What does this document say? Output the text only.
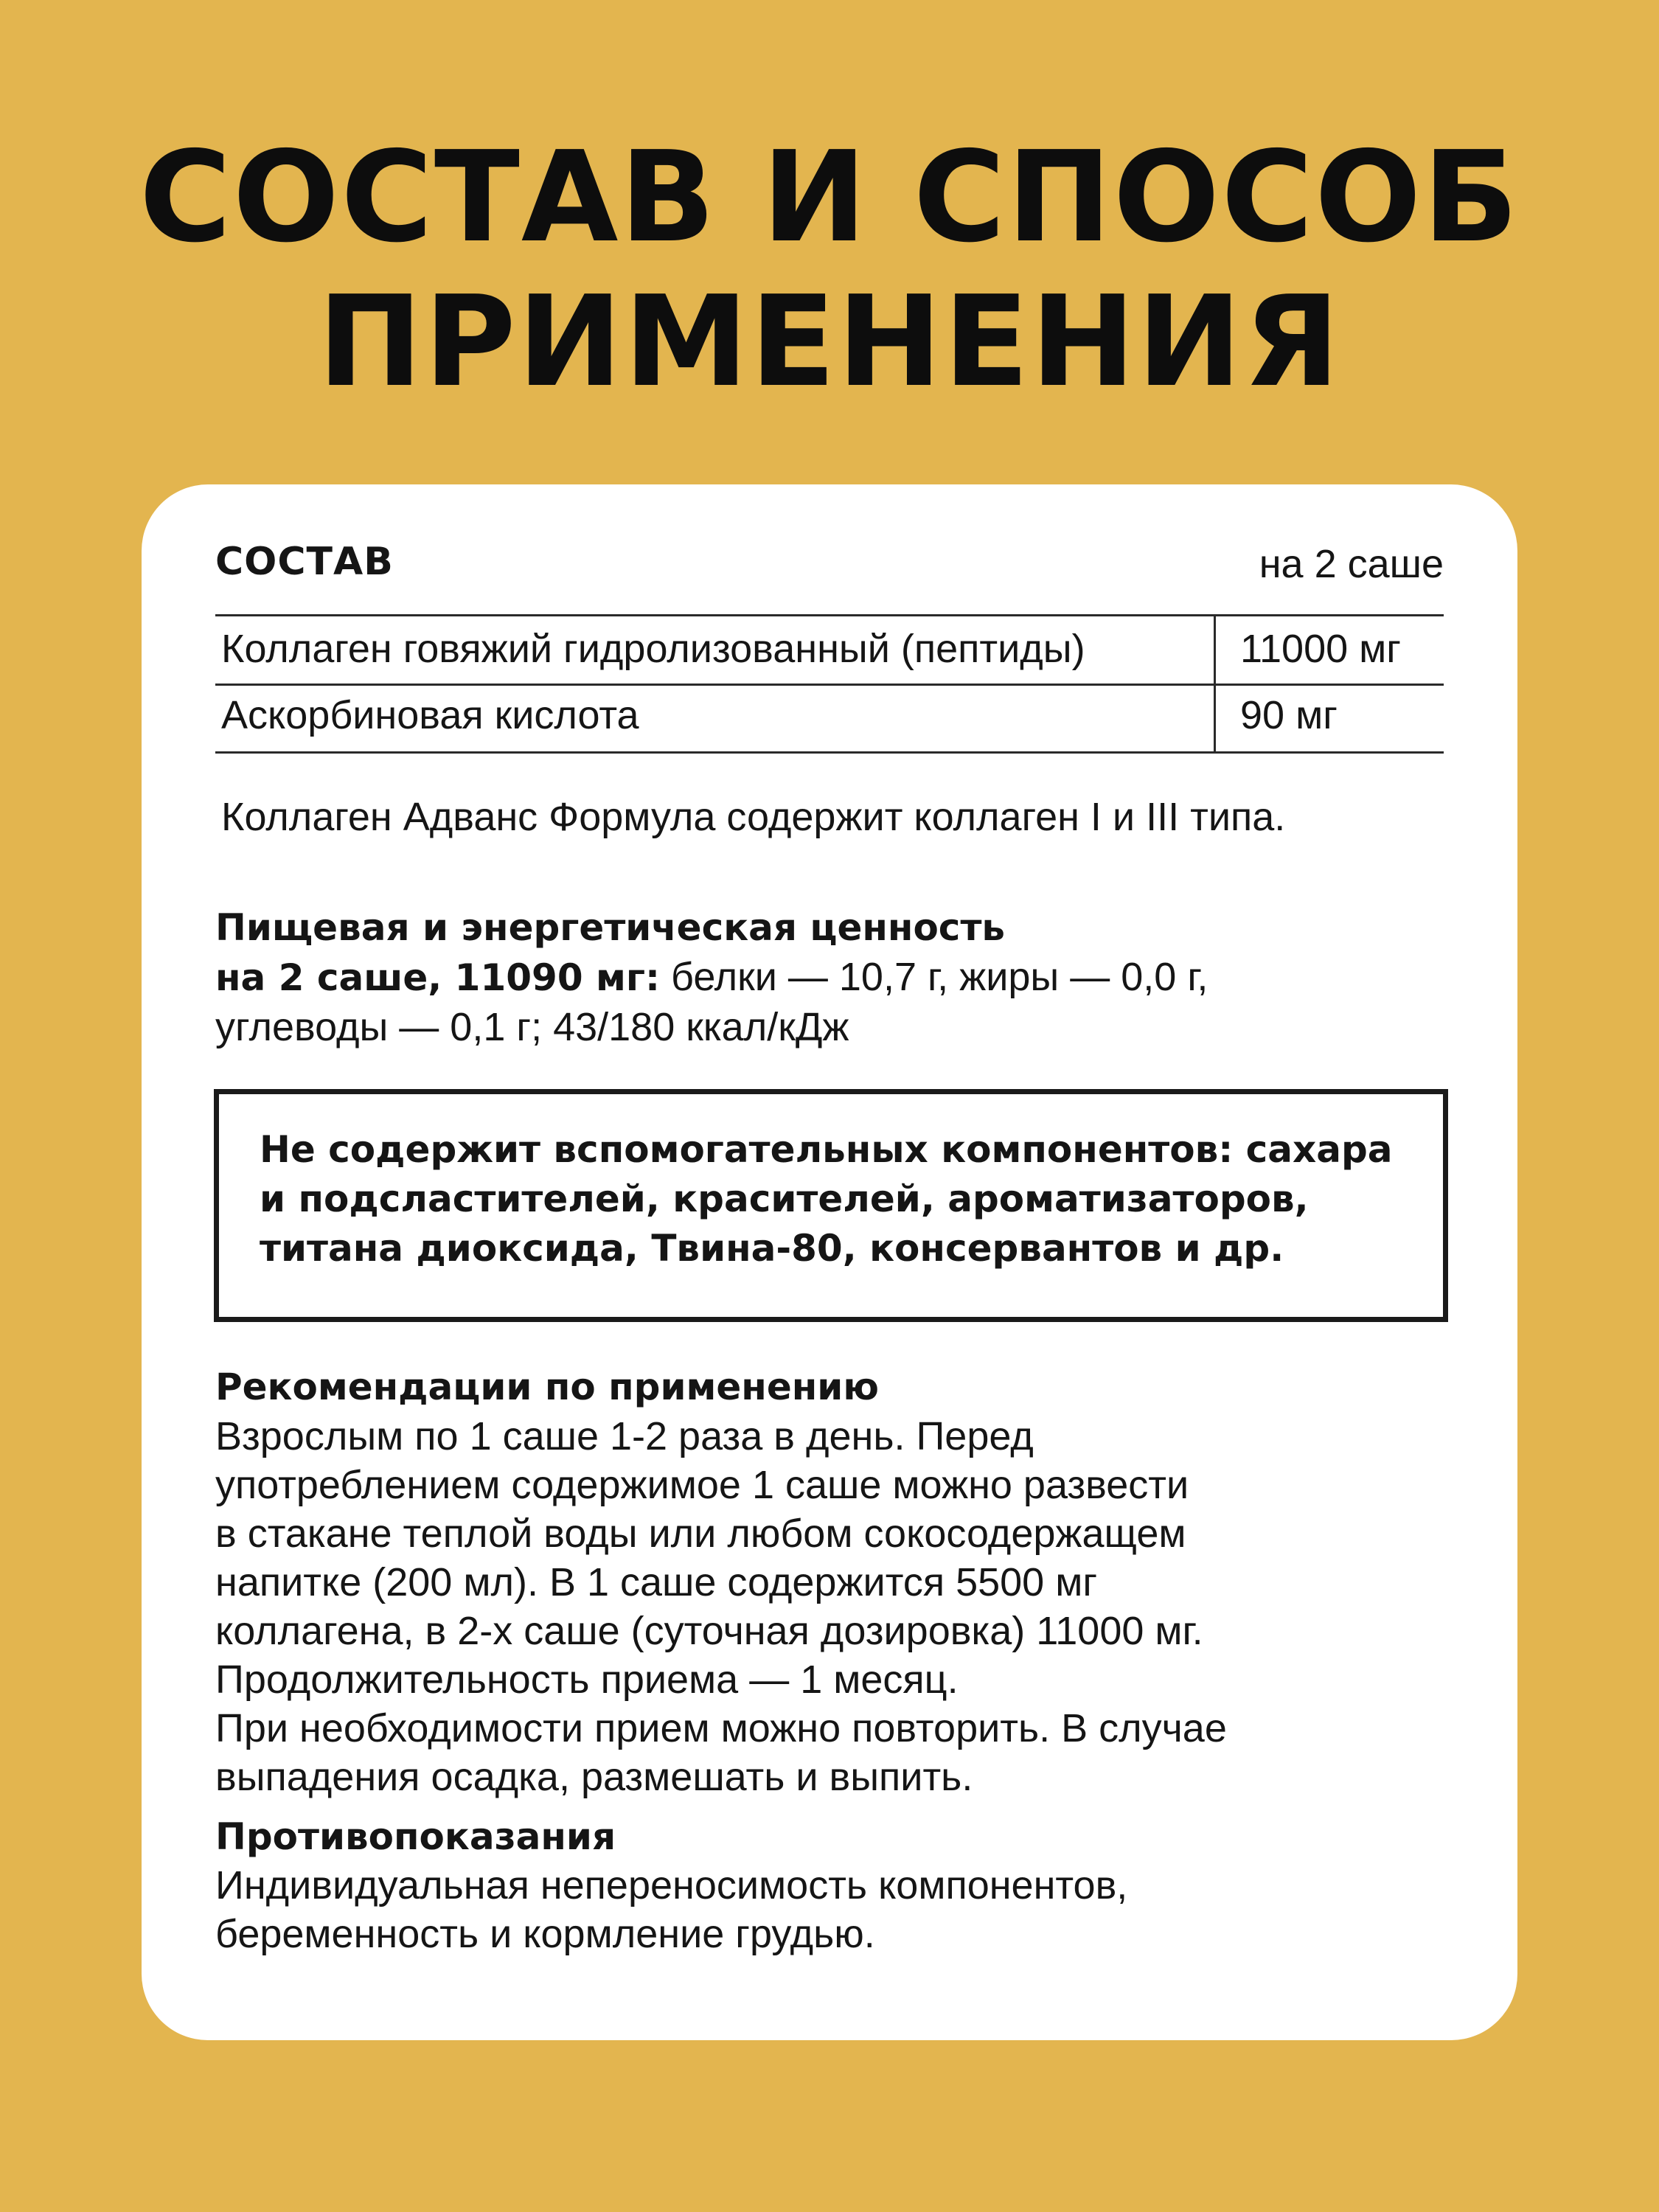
СОСТАВ И СПОСОБ
ПРИМЕНЕНИЯ
СОСТАВ	на 2 саше
Коллаген говяжий гидролизованный (пептиды)	11000 мг
Аскорбиновая кислота	90 мг
Коллаген Адванс Формула содержит коллаген I и III типа.
Пищевая и энергетическая ценность
на 2 саше, 11090 мг: белки — 10,7 г, жиры — 0,0 г,
углеводы — 0,1 г; 43/180 ккал/кДж
Не содержит вспомогательных компонентов: сахара
и подсластителей, красителей, ароматизаторов,
титана диоксида, Твина-80, консервантов и др.
Рекомендации по применению
Взрослым по 1 саше 1-2 раза в день. Перед
употреблением содержимое 1 саше можно развести
в стакане теплой воды или любом сокосодержащем
напитке (200 мл). В 1 саше содержится 5500 мг
коллагена, в 2-х саше (суточная дозировка) 11000 мг.
Продолжительность приема — 1 месяц.
При необходимости прием можно повторить. В случае
выпадения осадка, размешать и выпить.
Противопоказания
Индивидуальная непереносимость компонентов,
беременность и кормление грудью.
